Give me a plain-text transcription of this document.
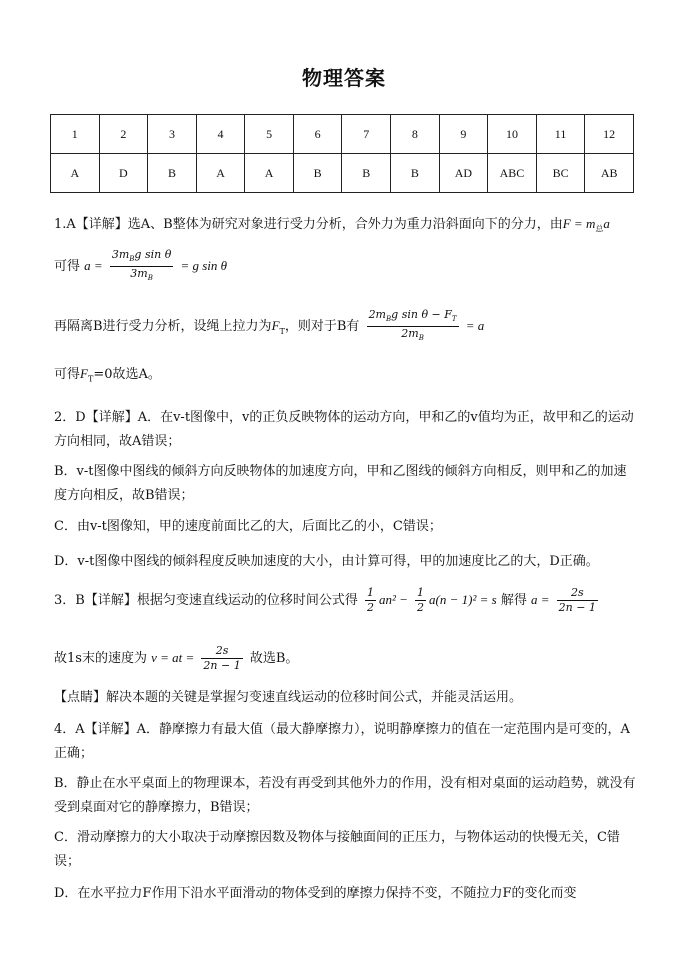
物理答案
1	2	3	4	5	6	7	8	9	10	11	12
A	D	B	A	A	B	B	B	AD	ABC	BC	AB
1.A【详解】选A、B整体为研究对象进行受力分析，合外力为重力沿斜面向下的分力，由$F = m_总a$
可得 $a = \frac{3m_Bg \sin \theta}{3m_B} = g$ sin θ
再隔离B进行受力分析，设绳上拉力为$F_T$，则对于B有 $\frac{2m_Bg \sin \theta - F_T}{2m_B} = a$
可得$F_T=0$故选A。
2．D【详解】A．在v-t图像中，v的正负反映物体的运动方向，甲和乙的v值均为正，故甲和乙的运动方向相同，故A错误；
B．v-t图像中图线的倾斜方向反映物体的加速度方向，甲和乙图线的倾斜方向相反，则甲和乙的加速度方向相反，故B错误；
C．由v-t图像知，甲的速度前面比乙的大，后面比乙的小，C错误；
D．v-t图像中图线的倾斜程度反映加速度的大小，由计算可得，甲的加速度比乙的大，D正确。
3．B【详解】根据匀变速直线运动的位移时间公式得 $\frac{1}{2} an^2 - \frac{1}{2} a(n - 1)^2 = s$ 解得 $a = \frac{2s}{2n - 1}$
故1s末的速度为 v = at = $\frac{2s}{2n - 1}$ 故选B。
【点睛】解决本题的关键是掌握匀变速直线运动的位移时间公式，并能灵活运用。
4．A【详解】A．静摩擦力有最大值（最大静摩擦力），说明静摩擦力的值在一定范围内是可变的，A正确；
B．静止在水平桌面上的物理课本，若没有再受到其他外力的作用，没有相对桌面的运动趋势，就没有受到桌面对它的静摩擦力，B错误；
C．滑动摩擦力的大小取决于动摩擦因数及物体与接触面间的正压力，与物体运动的快慢无关，C错误；
D．在水平拉力F作用下沿水平面滑动的物体受到的摩擦力保持不变，不随拉力F的变化而变
